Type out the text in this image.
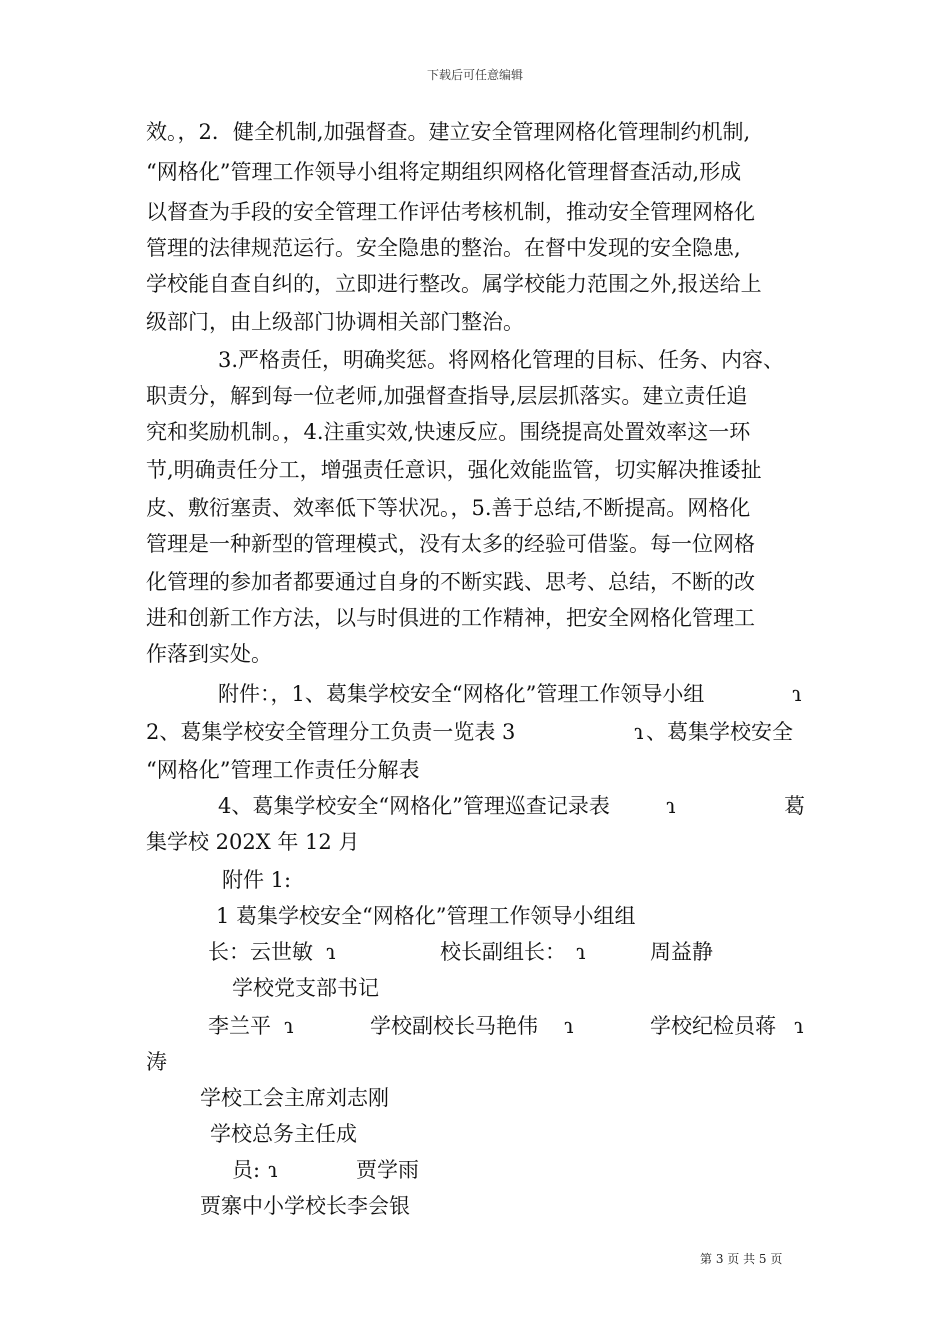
下载后可任意编辑
效。，2．健全机制,加强督查。建立安全管理网格化管理制约机制,
“网格化”管理工作领导小组将定期组织网格化管理督查活动,形成
以督查为手段的安全管理工作评估考核机制，推动安全管理网格化
管理的法律规范运行。安全隐患的整治。在督中发现的安全隐患,
学校能自查自纠的，立即进行整改。属学校能力范围之外,报送给上
级部门，由上级部门协调相关部门整治。
3.严格责任，明确奖惩。将网格化管理的目标、任务、内容、
职责分，解到每一位老师,加强督查指导,层层抓落实。建立责任追
究和奖励机制。，4.注重实效,快速反应。围绕提高处置效率这一环
节,明确责任分工，增强责任意识，强化效能监管，切实解决推诿扯
皮、敷衍塞责、效率低下等状况。，5.善于总结,不断提高。网格化
管理是一种新型的管理模式，没有太多的经验可借鉴。每一位网格
化管理的参加者都要通过自身的不断实践、思考、总结，不断的改
进和创新工作方法，以与时俱进的工作精神，把安全网格化管理工
作落到实处。
附件：，1、葛集学校安全“网格化”管理工作领导小组	ɿ
2、葛集学校安全管理分工负责一览表 3	ɿ 、葛集学校安全
“网格化”管理工作责任分解表
4、葛集学校安全“网格化”管理巡查记录表	ɿ	葛
集学校 202X 年 12 月
附件 1:
1 葛集学校安全“网格化”管理工作领导小组组
长：云世敏 ɿ	校长副组长： ɿ	周益静
学校党支部书记
李兰平 ɿ	学校副校长马艳伟 ɿ	学校纪检员蒋 ɿ
涛
学校工会主席刘志刚
学校总务主任成
员: ɿ	贾学雨
贾寨中小学校长李会银
第 3 页 共 5 页
